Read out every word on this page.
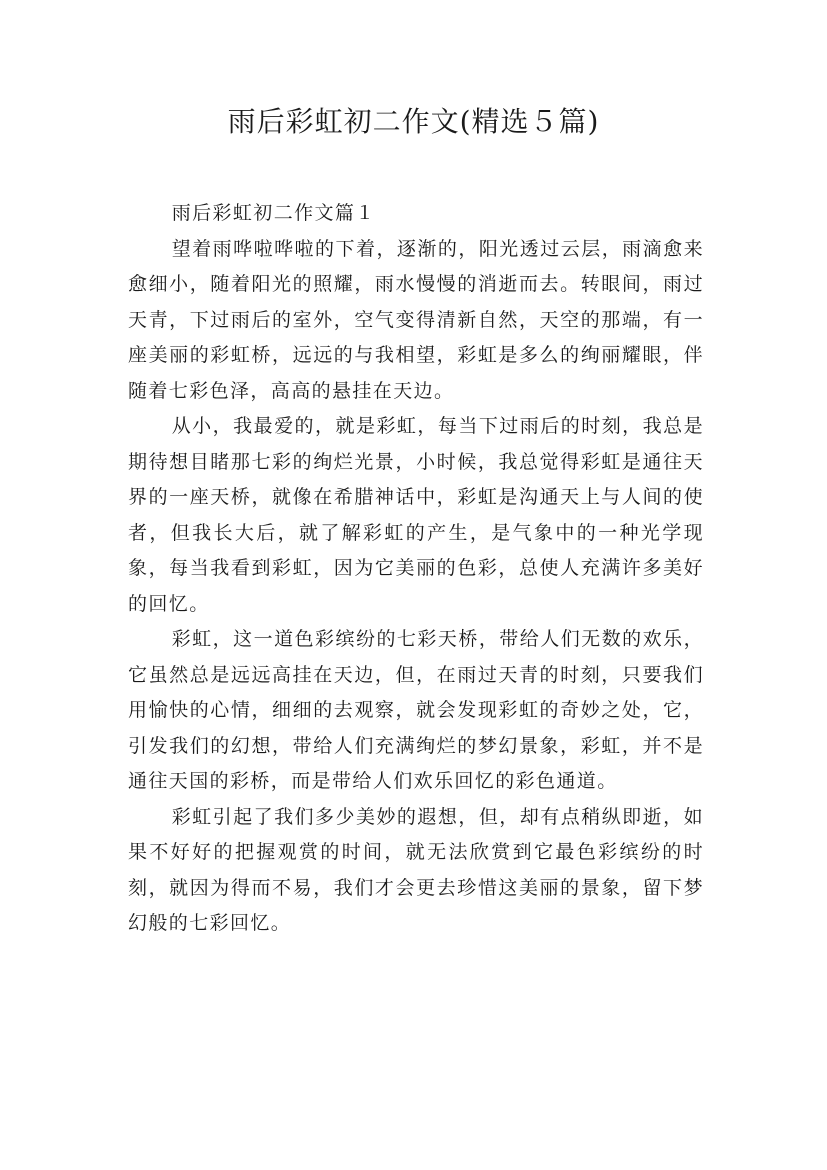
雨后彩虹初二作文(精选５篇)

雨后彩虹初二作文篇１

望着雨哗啦哗啦的下着，逐渐的，阳光透过云层，雨滴愈来愈细小，随着阳光的照耀，雨水慢慢的消逝而去。转眼间，雨过天青，下过雨后的室外，空气变得清新自然，天空的那端，有一座美丽的彩虹桥，远远的与我相望，彩虹是多么的绚丽耀眼，伴随着七彩色泽，高高的悬挂在天边。

从小，我最爱的，就是彩虹，每当下过雨后的时刻，我总是期待想目睹那七彩的绚烂光景，小时候，我总觉得彩虹是通往天界的一座天桥，就像在希腊神话中，彩虹是沟通天上与人间的使者，但我长大后，就了解彩虹的产生，是气象中的一种光学现象，每当我看到彩虹，因为它美丽的色彩，总使人充满许多美好的回忆。

彩虹，这一道色彩缤纷的七彩天桥，带给人们无数的欢乐，它虽然总是远远高挂在天边，但，在雨过天青的时刻，只要我们用愉快的心情，细细的去观察，就会发现彩虹的奇妙之处，它，引发我们的幻想，带给人们充满绚烂的梦幻景象，彩虹，并不是通往天国的彩桥，而是带给人们欢乐回忆的彩色通道。

彩虹引起了我们多少美妙的遐想，但，却有点稍纵即逝，如果不好好的把握观赏的时间，就无法欣赏到它最色彩缤纷的时刻，就因为得而不易，我们才会更去珍惜这美丽的景象，留下梦幻般的七彩回忆。
